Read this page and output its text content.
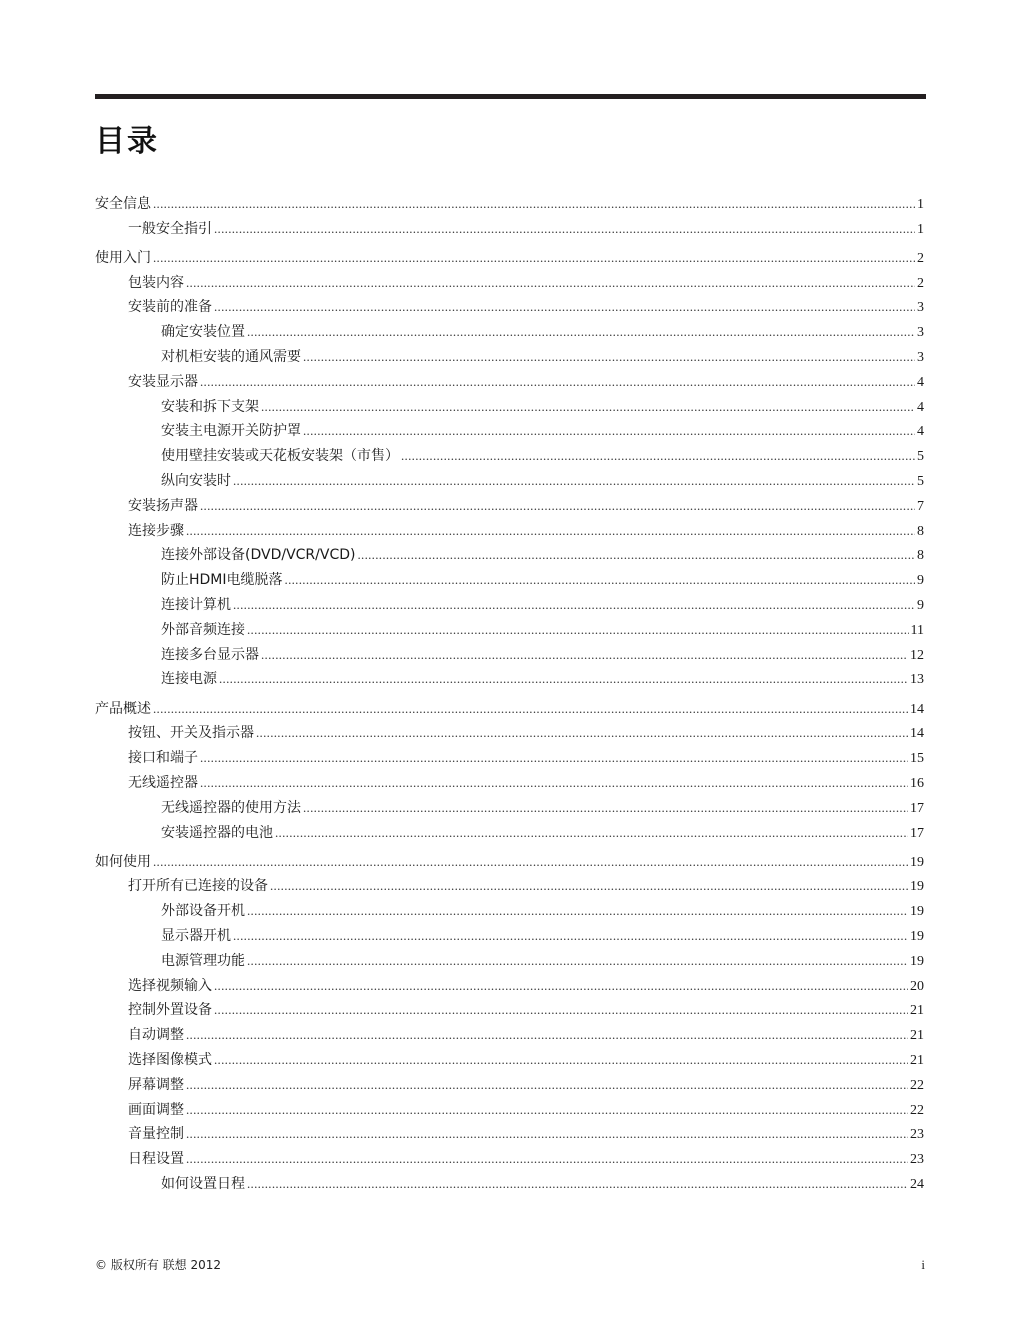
目录
安全信息 .....	1
一般安全指引 .....	1
使用入门 .....	2
包装内容 .....	2
安装前的准备 .....	3
确定安装位置 .....	3
对机柜安装的通风需要 .....	3
安装显示器 .....	4
安装和拆下支架 .....	4
安装主电源开关防护罩 .....	4
使用壁挂安装或天花板安装架（市售） .....	5
纵向安装时 .....	5
安装扬声器 .....	7
连接步骤 .....	8
连接外部设备(DVD/VCR/VCD) .....	8
防止HDMI电缆脱落 .....	9
连接计算机 .....	9
外部音频连接 .....	11
连接多台显示器 .....	12
连接电源 .....	13
产品概述 .....	14
按钮、开关及指示器 .....	14
接口和端子 .....	15
无线遥控器 .....	16
无线遥控器的使用方法 .....	17
安装遥控器的电池 .....	17
如何使用 .....	19
打开所有已连接的设备 .....	19
外部设备开机 .....	19
显示器开机 .....	19
电源管理功能 .....	19
选择视频输入 .....	20
控制外置设备 .....	21
自动调整 .....	21
选择图像模式 .....	21
屏幕调整 .....	22
画面调整 .....	22
音量控制 .....	23
日程设置 .....	23
如何设置日程 .....	24
© 版权所有 联想 2012	i
